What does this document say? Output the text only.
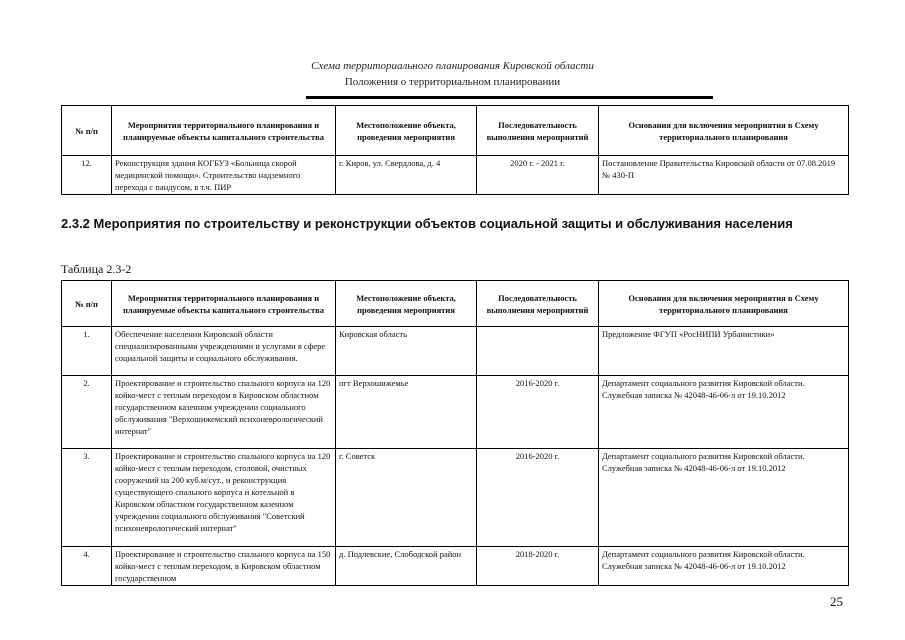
Схема территориального планирования Кировской области
Положения о территориальном планировании
№ п/п	Мероприятия территориального планирования и планируемые объекты капитального строительства	Местоположение объекта, проведения мероприятия	Последовательность выполнения мероприятий	Основания для включения мероприятия в Схему территориального планирования
12.	Реконструкция здания КОГБУЗ «Больница скорой медицинской помощи». Строительство надземного перехода с пандусом, в т.ч. ПИР	г. Киров, ул. Свердлова, д. 4	2020 г. - 2021 г.	Постановление Правительства Кировской области от 07.08.2019 № 430-П
2.3.2 Мероприятия по строительству и реконструкции объектов социальной защиты и обслуживания населения
Таблица 2.3-2
№ п/п	Мероприятия территориального планирования и планируемые объекты капитального строительства	Местоположение объекта, проведения мероприятия	Последовательность выполнения мероприятий	Основания для включения мероприятия в Схему территориального планирования
1.	Обеспечение населения Кировской области специализированными учреждениями и услугами в сфере социальной защиты и социального обслуживания.	Кировская область		Предложение ФГУП «РосНИПИ Урбанистики»
2.	Проектирование и строительство спального корпуса на 120 койко-мест с теплым переходом в Кировском областном государственном казенном учреждении социального обслуживания "Верхошижемский психоневрологический интернат"	пгт Верхошижемье	2016-2020 г.	Департамент социального развития Кировской области. Служебная записка № 42048-46-06-л от 19.10.2012
3.	Проектирование и строительство спального корпуса на 120 койко-мест с теплым переходом, столовой, очистных сооружений на 200 куб.м/сут., и реконструкция существующего спального корпуса и котельной в Кировском областном государственном казенном учреждении социального обслуживания "Советский психоневрологический интернат"	г. Советск	2016-2020 г.	Департамент социального развития Кировской области. Служебная записка № 42048-46-06-л от 19.10.2012
4.	Проектирование и строительство спального корпуса на 150 койко-мест с теплым переходом, в Кировском областном государственном	д. Подлевские, Слободской район	2018-2020 г.	Департамент социального развития Кировской области. Служебная записка № 42048-46-06-л от 19.10.2012
25
